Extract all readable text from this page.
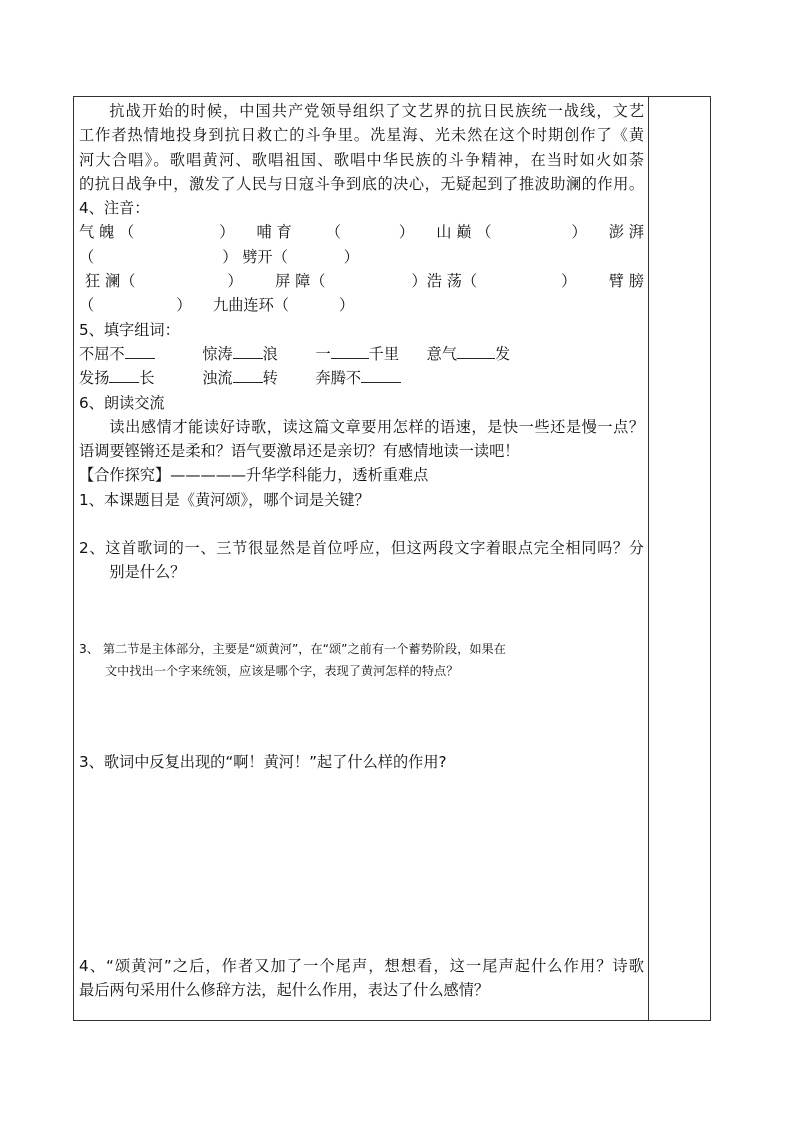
抗战开始的时候，中国共产党领导组织了文艺界的抗日民族统一战线，文艺

工作者热情地投身到抗日救亡的斗争里。冼星海、光未然在这个时期创作了《黄

河大合唱》。歌唱黄河、歌唱祖国、歌唱中华民族的斗争精神，在当时如火如荼

的抗日战争中，激发了人民与日寇斗争到底的决心，无疑起到了推波助澜的作用。

4、注音：

气 魄 （	） 哺 育 （	） 山 巅 （	） 澎 湃
（	） 劈开（	）
狂 澜（	） 屏 障（	）浩 荡（	） 臂 膀
（	） 九曲连环（	）

5、填字组词：

不屈不	惊涛 浪 一	千里 意气	发
发扬 长	浊流 转 奔腾不

6、朗读交流

读出感情才能读好诗歌，读这篇文章要用怎样的语速，是快一些还是慢一点？

语调要铿锵还是柔和？语气要激昂还是亲切？有感情地读一读吧！

【合作探究】—————升华学科能力，透析重难点

1、本课题目是《黄河颂》，哪个词是关键？

2、这首歌词的一、三节很显然是首位呼应，但这两段文字着眼点完全相同吗？分

别是什么？

3、 第二节是主体部分，主要是“颂黄河”，在“颂”之前有一个蓄势阶段，如果在

文中找出一个字来统领，应该是哪个字，表现了黄河怎样的特点？

3、歌词中反复出现的“啊！黄河！”起了什么样的作用?

4、“颂黄河”之后，作者又加了一个尾声，想想看，这一尾声起什么作用？诗歌

最后两句采用什么修辞方法，起什么作用，表达了什么感情？
